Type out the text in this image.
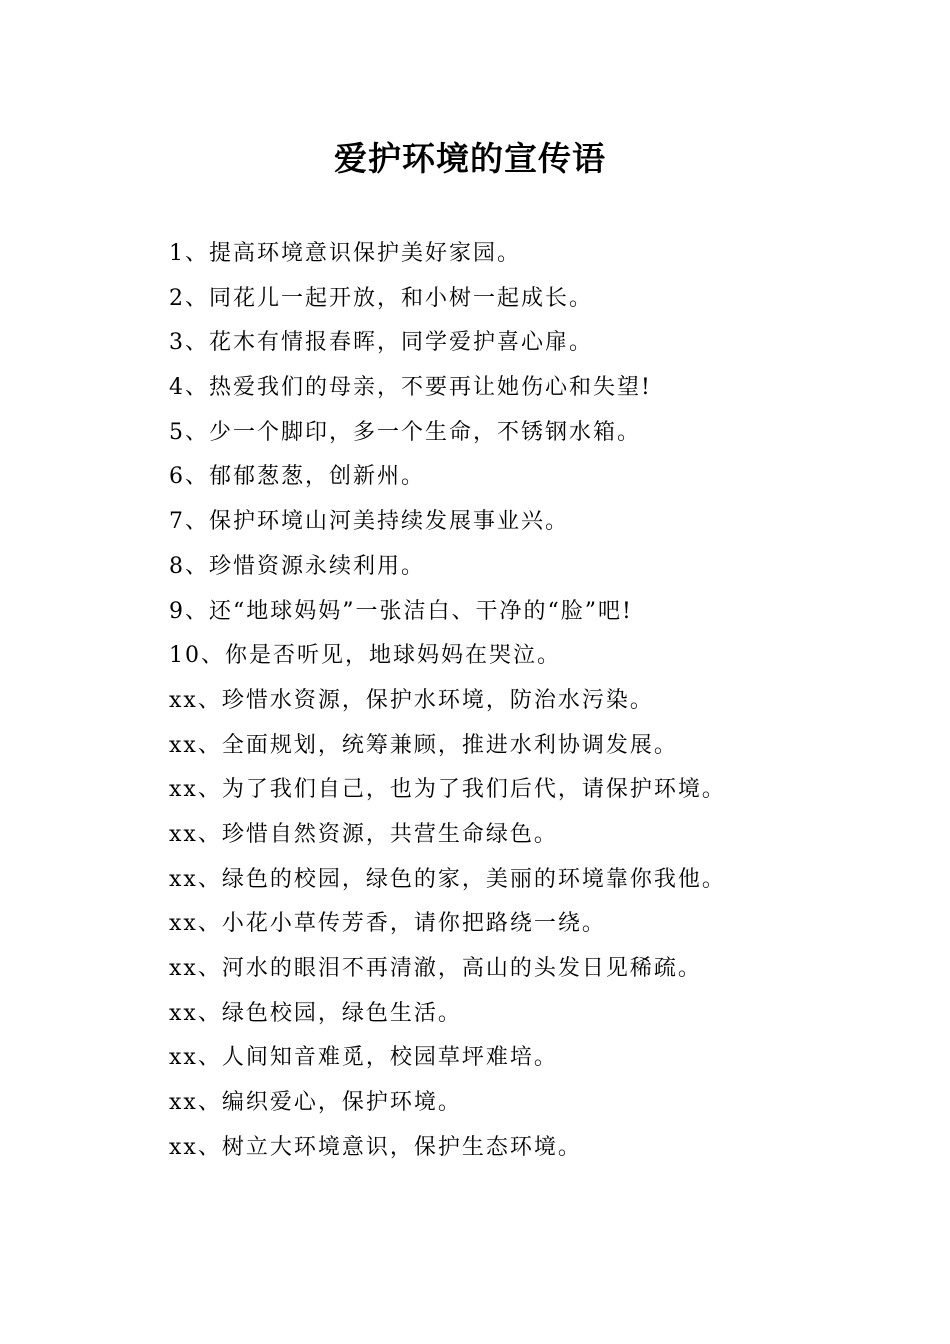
爱护环境的宣传语
1、提高环境意识保护美好家园。
2、同花儿一起开放，和小树一起成长。
3、花木有情报春晖，同学爱护喜心扉。
4、热爱我们的母亲，不要再让她伤心和失望!
5、少一个脚印，多一个生命，不锈钢水箱。
6、郁郁葱葱，创新州。
7、保护环境山河美持续发展事业兴。
8、珍惜资源永续利用。
9、还“地球妈妈”一张洁白、干净的“脸”吧!
10、你是否听见，地球妈妈在哭泣。
xx、珍惜水资源，保护水环境，防治水污染。
xx、全面规划，统筹兼顾，推进水利协调发展。
xx、为了我们自己，也为了我们后代，请保护环境。
xx、珍惜自然资源，共营生命绿色。
xx、绿色的校园，绿色的家，美丽的环境靠你我他。
xx、小花小草传芳香，请你把路绕一绕。
xx、河水的眼泪不再清澈，高山的头发日见稀疏。
xx、绿色校园，绿色生活。
xx、人间知音难觅，校园草坪难培。
xx、编织爱心，保护环境。
xx、树立大环境意识，保护生态环境。
